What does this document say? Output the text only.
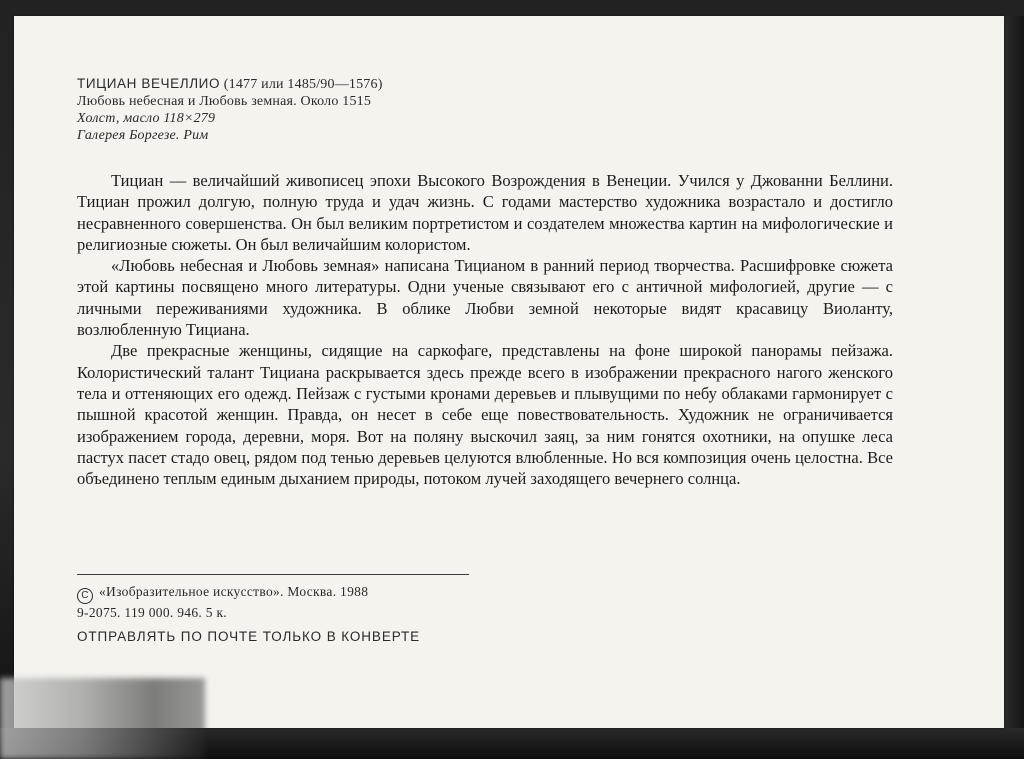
ТИЦИАН ВЕЧЕЛЛИО (1477 или 1485/90—1576)
Любовь небесная и Любовь земная. Около 1515
Холст, масло 118×279
Галерея Боргезе. Рим

Тициан — величайший живописец эпохи Высокого Возрождения в Венеции. Учился у Джованни Беллини. Тициан прожил долгую, полную труда и удач жизнь. С годами мастерство художника возрастало и достигло несравненного совершенства. Он был великим портретистом и создателем множества картин на мифологические и религиозные сюжеты. Он был величайшим колористом.

«Любовь небесная и Любовь земная» написана Тицианом в ранний период творчества. Расшифровке сюжета этой картины посвящено много литературы. Одни ученые связывают его с античной мифологией, другие — с личными переживаниями художника. В облике Любви земной некоторые видят красавицу Виоланту, возлюбленную Тициана.

Две прекрасные женщины, сидящие на саркофаге, представлены на фоне широкой панорамы пейзажа. Колористический талант Тициана раскрывается здесь прежде всего в изображении прекрасного нагого женского тела и оттеняющих его одежд. Пейзаж с густыми кронами деревьев и плывущими по небу облаками гармонирует с пышной красотой женщин. Правда, он несет в себе еще повествовательность. Художник не ограничивается изображением города, деревни, моря. Вот на поляну выскочил заяц, за ним гонятся охотники, на опушке леса пастух пасет стадо овец, рядом под тенью деревьев целуются влюбленные. Но вся композиция очень целостна. Все объединено теплым единым дыханием природы, потоком лучей заходящего вечернего солнца.

C «Изобразительное искусство». Москва. 1988
9-2075. 119 000. 946. 5 к.
ОТПРАВЛЯТЬ ПО ПОЧТЕ ТОЛЬКО В КОНВЕРТЕ
